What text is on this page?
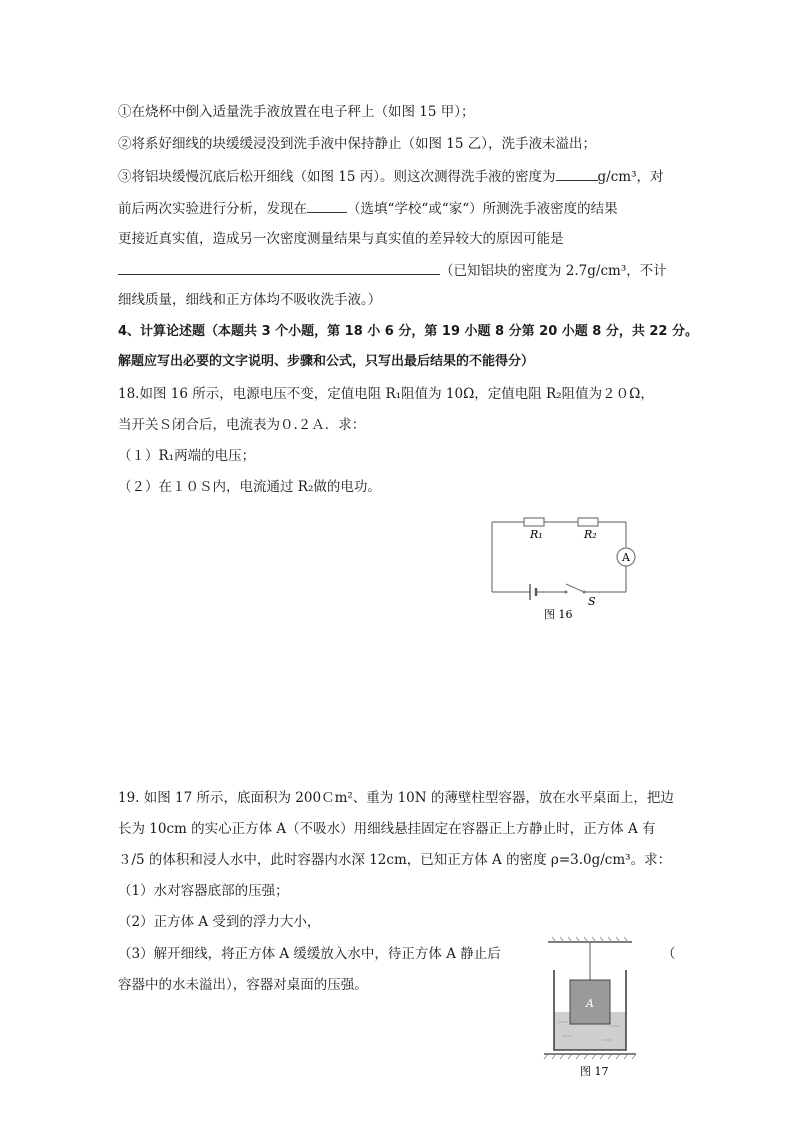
①在烧杯中倒入适量洗手液放置在电子秤上（如图 15 甲）；
②将系好细线的块缓缓浸没到洗手液中保持静止（如图 15 乙），洗手液未溢出；
③将铝块缓慢沉底后松开细线（如图 15 丙）。则这次测得洗手液的密度为	g/cm³，对
前后两次实验进行分析，发现在	（选填“学校“或“家“）所测洗手液密度的结果
更接近真实值，造成另一次密度测量结果与真实值的差异较大的原因可能是
（已知铝块的密度为 2.7g/cm³，不计
细线质量，细线和正方体均不吸收洗手液。）
4、计算论述题（本题共 3 个小题，第 18 小 6 分，第 19 小题 8 分第 20 小题 8 分，共 22 分。
解题应写出必要的文字说明、步骤和公式，只写出最后结果的不能得分）
18.如图 16 所示，电源电压不变，定值电阻 R₁阻值为 10Ω，定值电阻 R₂阻值为２０Ω，
当开关Ｓ闭合后，电流表为０.２Ａ．求：
（１）R₁两端的电压；
（２）在１０Ｓ内，电流通过 R₂做的电功。
R₁	R₂
A
S
图 16
19. 如图 17 所示，底面积为 200Ｃm²、重为 10N 的薄壁柱型容器，放在水平桌面上，把边
长为 10cm 的实心正方体 A（不吸水）用细线悬挂固定在容器正上方静止时，正方体 A 有
３/5 的体积和浸人水中，此时容器内水深 12cm，已知正方体 A 的密度 ρ=3.0g/cm³。求：
（1）水对容器底部的压强；
（2）正方体 A 受到的浮力大小，
（3）解开细线，将正方体 A 缓缓放入水中，待正方体 A 静止后	（
容器中的水未溢出），容器对桌面的压强。
A
图 17
